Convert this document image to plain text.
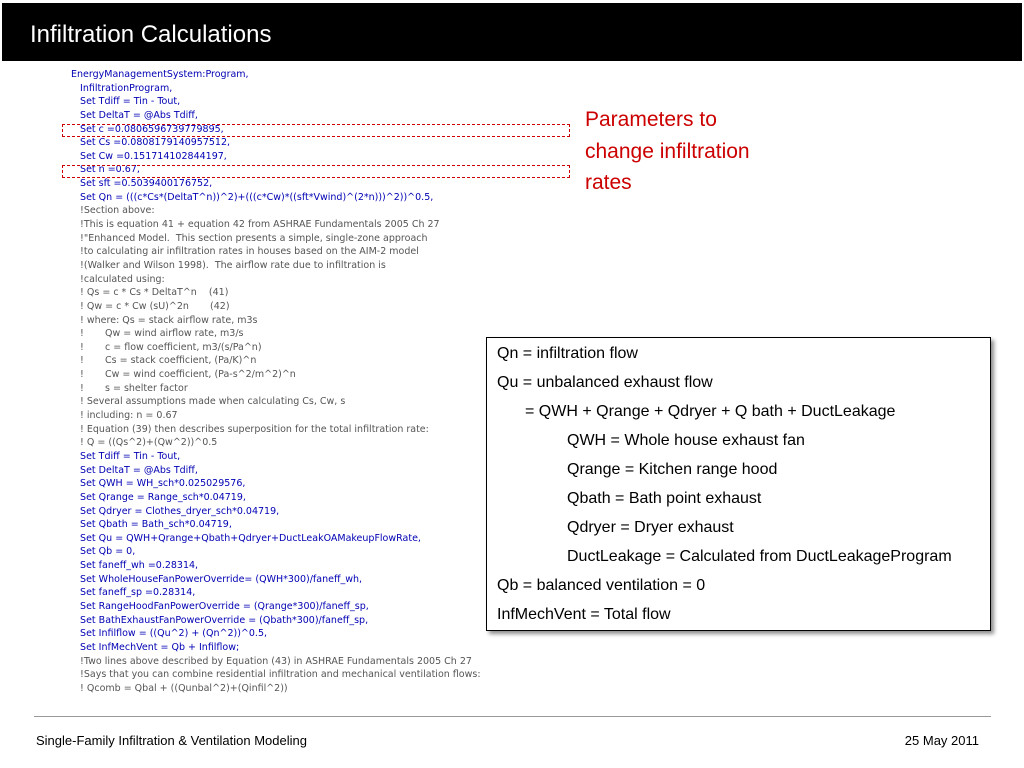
Infiltration Calculations
EnergyManagementSystem:Program,
InfiltrationProgram,
Set Tdiff = Tin - Tout,
Set DeltaT = @Abs Tdiff,
Set c =0.0806596739779895,
Set Cs =0.0808179140957512,
Set Cw =0.151714102844197,
Set n =0.67,
Set sft =0.5039400176752,
Set Qn = (((c*Cs*(DeltaT^n))^2)+(((c*Cw)*((sft*Vwind)^(2*n)))^2))^0.5,
!Section above:
!This is equation 41 + equation 42 from ASHRAE Fundamentals 2005 Ch 27
!"Enhanced Model.  This section presents a simple, single-zone approach
!to calculating air infiltration rates in houses based on the AIM-2 model
!(Walker and Wilson 1998).  The airflow rate due to infiltration is
!calculated using:
! Qs = c * Cs * DeltaT^n    (41)
! Qw = c * Cw (sU)^2n       (42)
! where: Qs = stack airflow rate, m3s
!       Qw = wind airflow rate, m3/s
!       c = flow coefficient, m3/(s/Pa^n)
!       Cs = stack coefficient, (Pa/K)^n
!       Cw = wind coefficient, (Pa-s^2/m^2)^n
!       s = shelter factor
! Several assumptions made when calculating Cs, Cw, s
! including: n = 0.67
! Equation (39) then describes superposition for the total infiltration rate:
! Q = ((Qs^2)+(Qw^2))^0.5
Set Tdiff = Tin - Tout,
Set DeltaT = @Abs Tdiff,
Set QWH = WH_sch*0.025029576,
Set Qrange = Range_sch*0.04719,
Set Qdryer = Clothes_dryer_sch*0.04719,
Set Qbath = Bath_sch*0.04719,
Set Qu = QWH+Qrange+Qbath+Qdryer+DuctLeakOAMakeupFlowRate,
Set Qb = 0,
Set faneff_wh =0.28314,
Set WholeHouseFanPowerOverride= (QWH*300)/faneff_wh,
Set faneff_sp =0.28314,
Set RangeHoodFanPowerOverride = (Qrange*300)/faneff_sp,
Set BathExhaustFanPowerOverride = (Qbath*300)/faneff_sp,
Set Infilflow = ((Qu^2) + (Qn^2))^0.5,
Set InfMechVent = Qb + Infilflow;
!Two lines above described by Equation (43) in ASHRAE Fundamentals 2005 Ch 27
!Says that you can combine residential infiltration and mechanical ventilation flows:
! Qcomb = Qbal + ((Qunbal^2)+(Qinfil^2))
Parameters to
change infiltration
rates
Qn = infiltration flow
Qu = unbalanced exhaust flow
= QWH + Qrange + Qdryer + Q bath + DuctLeakage
QWH = Whole house exhaust fan
Qrange = Kitchen range hood
Qbath = Bath point exhaust
Qdryer = Dryer exhaust
DuctLeakage = Calculated from DuctLeakageProgram
Qb = balanced ventilation = 0
InfMechVent = Total flow
Single-Family Infiltration & Ventilation Modeling	25 May 2011
